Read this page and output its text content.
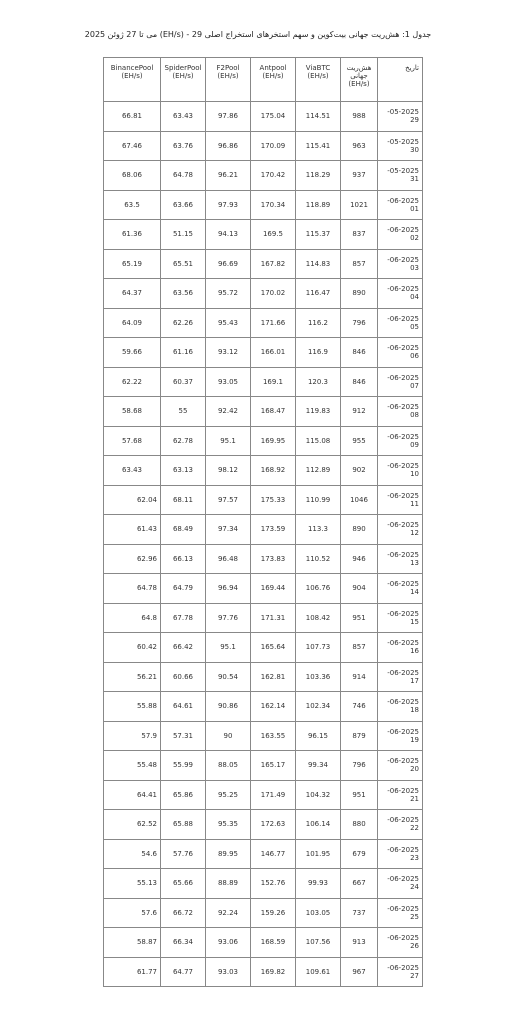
جدول 1: هش‌ریت جهانی بیت‌کوین و سهم استخرهای استخراج اصلی 29 - (EH/s) می تا 27 ژوئن 2025
تاریخ	هش‌ریت جهانی (EH/s)	ViaBTC (EH/s)	Antpool (EH/s)	F2Pool (EH/s)	SpiderPool (EH/s)	BinancePool (EH/s)

-05-2025
29	988	114.51	175.04	97.86	63.43	66.81

-05-2025
30	963	115.41	170.09	96.86	63.76	67.46

-05-2025
31	937	118.29	170.42	96.21	64.78	68.06

-06-2025
01	1021	118.89	170.34	97.93	63.66	63.5

-06-2025
02	837	115.37	169.5	94.13	51.15	61.36

-06-2025
03	857	114.83	167.82	96.69	65.51	65.19

-06-2025
04	890	116.47	170.02	95.72	63.56	64.37

-06-2025
05	796	116.2	171.66	95.43	62.26	64.09

-06-2025
06	846	116.9	166.01	93.12	61.16	59.66

-06-2025
07	846	120.3	169.1	93.05	60.37	62.22

-06-2025
08	912	119.83	168.47	92.42	55	58.68

-06-2025
09	955	115.08	169.95	95.1	62.78	57.68

-06-2025
10	902	112.89	168.92	98.12	63.13	63.43

-06-2025
11	1046	110.99	175.33	97.57	68.11	62.04

-06-2025
12	890	113.3	173.59	97.34	68.49	61.43

-06-2025
13	946	110.52	173.83	96.48	66.13	62.96

-06-2025
14	904	106.76	169.44	96.94	64.79	64.78

-06-2025
15	951	108.42	171.31	97.76	67.78	64.8

-06-2025
16	857	107.73	165.64	95.1	66.42	60.42

-06-2025
17	914	103.36	162.81	90.54	60.66	56.21

-06-2025
18	746	102.34	162.14	90.86	64.61	55.88

-06-2025
19	879	96.15	163.55	90	57.31	57.9

-06-2025
20	796	99.34	165.17	88.05	55.99	55.48

-06-2025
21	951	104.32	171.49	95.25	65.86	64.41

-06-2025
22	880	106.14	172.63	95.35	65.88	62.52

-06-2025
23	679	101.95	146.77	89.95	57.76	54.6

-06-2025
24	667	99.93	152.76	88.89	65.66	55.13

-06-2025
25	737	103.05	159.26	92.24	66.72	57.6

-06-2025
26	913	107.56	168.59	93.06	66.34	58.87

-06-2025
27	967	109.61	169.82	93.03	64.77	61.77
